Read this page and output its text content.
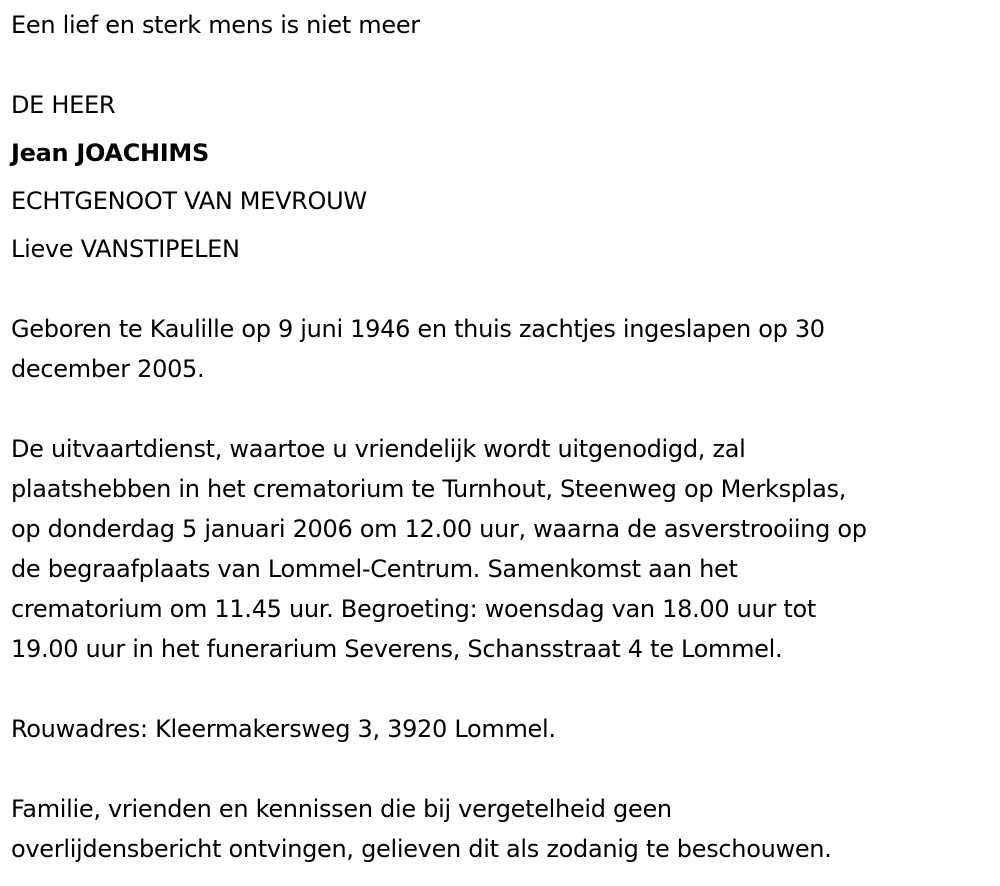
Een lief en sterk mens is niet meer
DE HEER
Jean JOACHIMS
ECHTGENOOT VAN MEVROUW
Lieve VANSTIPELEN
Geboren te Kaulille op 9 juni 1946 en thuis zachtjes ingeslapen op 30
december 2005.
De uitvaartdienst, waartoe u vriendelijk wordt uitgenodigd, zal
plaatshebben in het crematorium te Turnhout, Steenweg op Merksplas,
op donderdag 5 januari 2006 om 12.00 uur, waarna de asverstrooiing op
de begraafplaats van Lommel-Centrum. Samenkomst aan het
crematorium om 11.45 uur. Begroeting: woensdag van 18.00 uur tot
19.00 uur in het funerarium Severens, Schansstraat 4 te Lommel.
Rouwadres: Kleermakersweg 3, 3920 Lommel.
Familie, vrienden en kennissen die bij vergetelheid geen
overlijdensbericht ontvingen, gelieven dit als zodanig te beschouwen.
